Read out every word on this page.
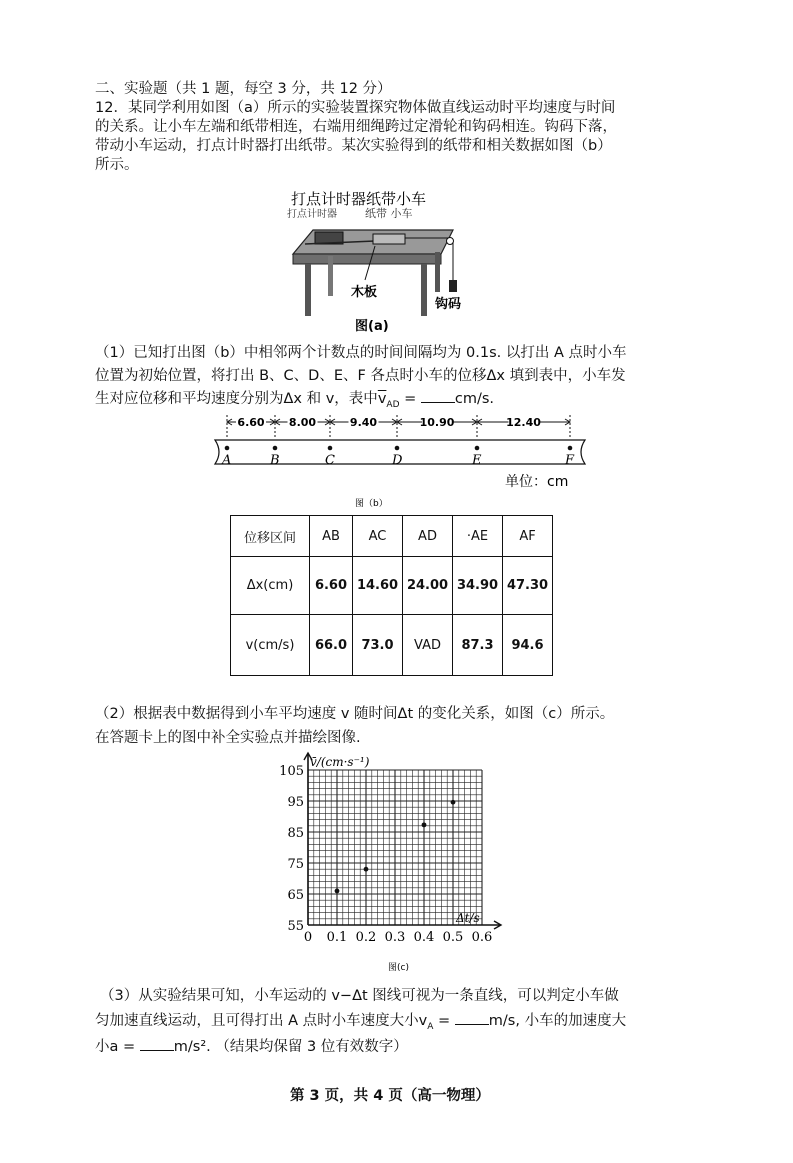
二、实验题（共 1 题，每空 3 分，共 12 分）
12．某同学利用如图（a）所示的实验装置探究物体做直线运动时平均速度与时间
的关系。让小车左端和纸带相连，右端用细绳跨过定滑轮和钩码相连。钩码下落，
带动小车运动，打点计时器打出纸带。某次实验得到的纸带和相关数据如图（b）
所示。
打点计时器纸带小车
打点计时器	纸带 小车
木板
钩码
图(a)
（1）已知打出图（b）中相邻两个计数点的时间间隔均为 0.1s. 以打出 A 点时小车
位置为初始位置，将打出 B、C、D、E、F 各点时小车的位移Δx 填到表中，小车发
生对应位移和平均速度分别为Δx 和 v，表中$\overline{v}_{AD} = cm/s$.
A	B	C	D	E	F
6.60 8.00	9.40	10.90	12.40
单位：cm
图（b）
位移区间	AB	AC	AD	·AE	AF
Δx(cm)	6.60	14.60	24.00	34.90	47.30
v(cm/s)	66.0	73.0	VAD	87.3	94.6
（2）根据表中数据得到小车平均速度 v 随时间Δt 的变化关系，如图（c）所示。
在答题卡上的图中补全实验点并描绘图像.
0 0.1 0.2 0.3 0.4 0.5 0.6
55
65
75
85
95
105
v̄/(cm·s⁻¹)
Δt/s
图(c)
（3）从实验结果可知，小车运动的 v−Δt 图线可视为一条直线，可以判定小车做
匀加速直线运动，且可得打出 A 点时小车速度大小$v_A = m/s$, 小车的加速度大
小a = m/s². （结果均保留 3 位有效数字）
第 3 页，共 4 页（高一物理）
